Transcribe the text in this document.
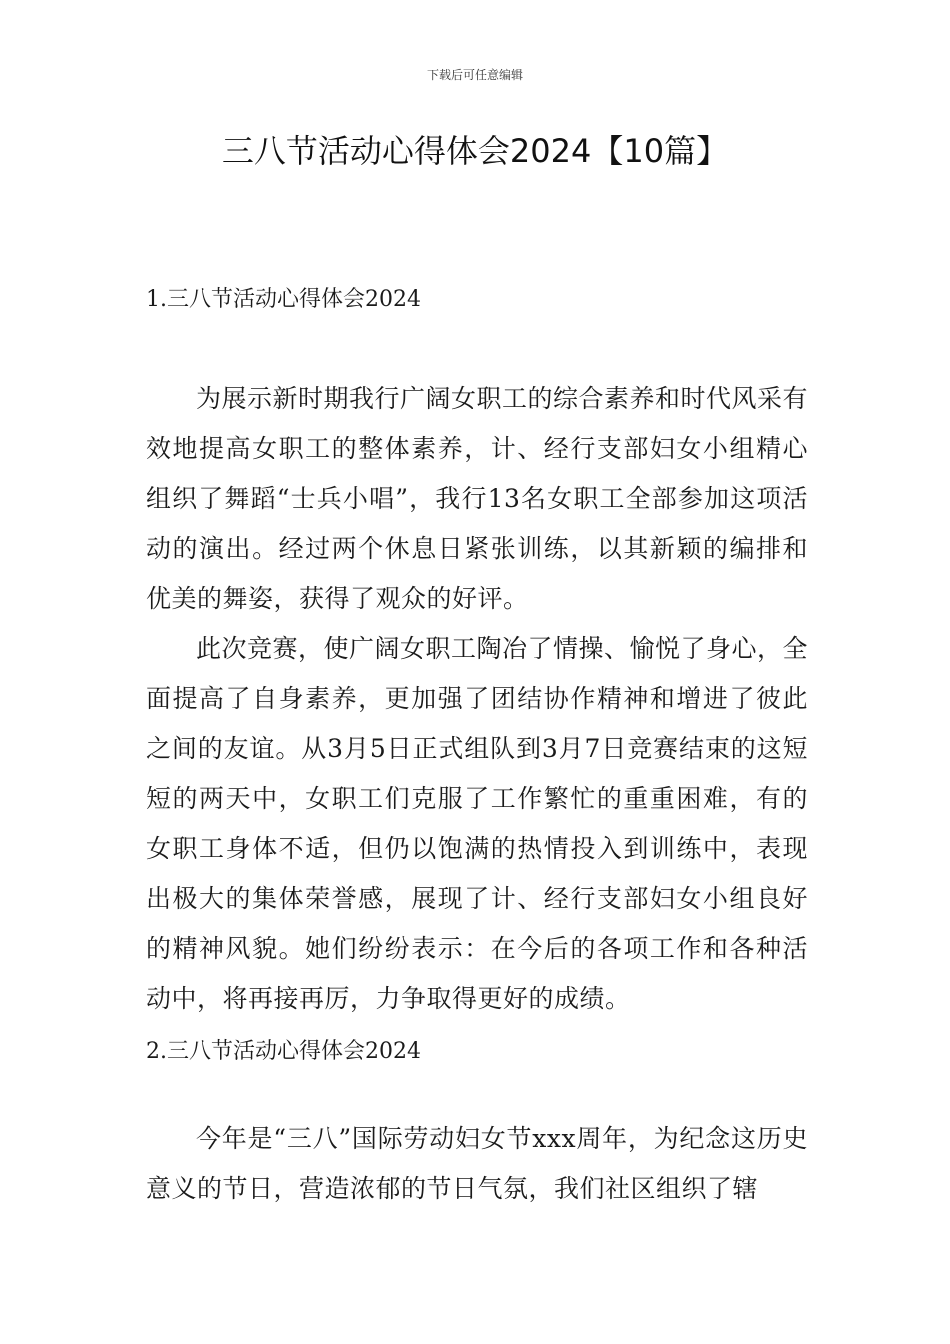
下载后可任意编辑
三八节活动心得体会2024【10篇】

1.三八节活动心得体会2024

为展示新时期我行广阔女职工的综合素养和时代风采有效地提高女职工的整体素养，计、经行支部妇女小组精心组织了舞蹈“士兵小唱”，我行13名女职工全部参加这项活动的演出。经过两个休息日紧张训练，以其新颖的编排和优美的舞姿，获得了观众的好评。

此次竞赛，使广阔女职工陶冶了情操、愉悦了身心，全面提高了自身素养，更加强了团结协作精神和增进了彼此之间的友谊。从3月5日正式组队到3月7日竞赛结束的这短短的两天中，女职工们克服了工作繁忙的重重困难，有的女职工身体不适，但仍以饱满的热情投入到训练中，表现出极大的集体荣誉感，展现了计、经行支部妇女小组良好的精神风貌。她们纷纷表示：在今后的各项工作和各种活动中，将再接再厉，力争取得更好的成绩。

2.三八节活动心得体会2024

今年是“三八”国际劳动妇女节xxx周年，为纪念这历史意义的节日，营造浓郁的节日气氛，我们社区组织了辖
